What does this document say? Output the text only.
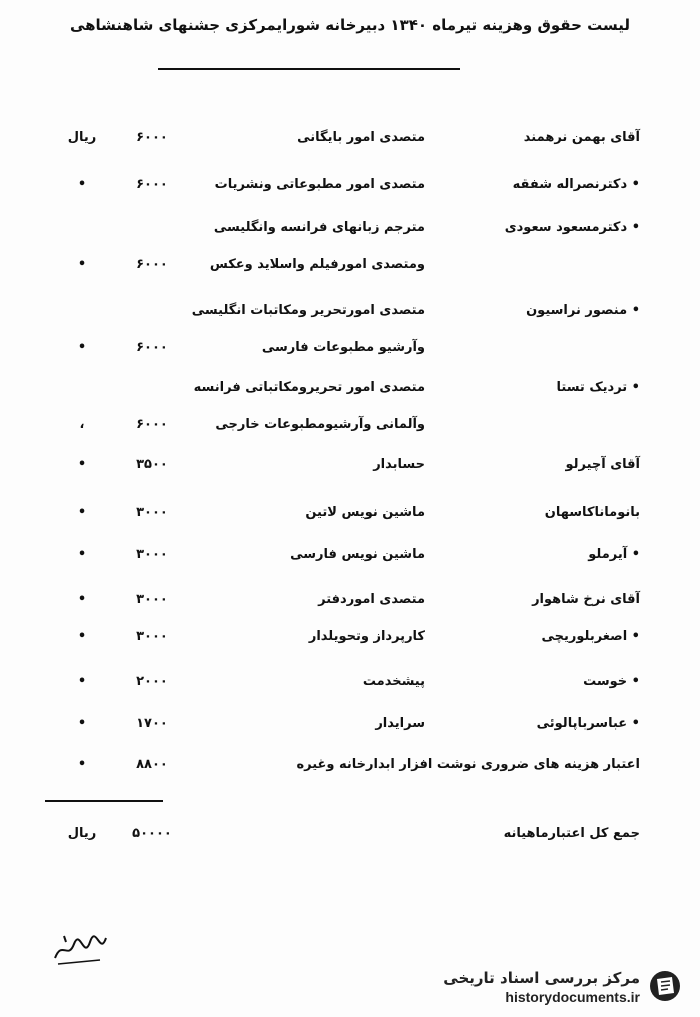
لیست حقوق وهزینه تیرماه ۱۳۴۰ دبیرخانه شورایمرکزی جشنهای شاهنشاهی
آقای بهمن نرهمند
متصدی امور بایگانی
۶۰۰۰
ریال
• دکترنصراله شفقه
متصدی امور مطبوعاتی ونشریات
۶۰۰۰
•
• دکترمسعود سعودی
مترجم زبانهای فرانسه وانگلیسی
ومتصدی امورفیلم واسلاید وعکس
۶۰۰۰
•
• منصور نراسیون
متصدی امورتحریر ومکاتبات انگلیسی
وآرشیو مطبوعات فارسی
۶۰۰۰
•
• تردیک تستا
متصدی امور تحریرومکاتباتی فرانسه
وآلمانی وآرشیومطبوعات خارجی
۶۰۰۰
،
آقای آچیرلو
حسابدار
۳۵۰۰
•
بانوماناکاسهان
ماشین نویس لاتین
۳۰۰۰
•
• آیرملو
ماشین نویس فارسی
۳۰۰۰
•
آقای نرخ شاهوار
متصدی اموردفتر
۳۰۰۰
•
• اصغربلوریچی
کارپرداز وتحویلدار
۳۰۰۰
•
• خوست
پیشخدمت
۲۰۰۰
•
• عباسرباپالوئی
سرایدار
۱۷۰۰
•
اعتبار هزینه های ضروری نوشت افزار ابدارخانه وغیره
۸۸۰۰
•
جمع کل اعتبارماهیانه
۵۰۰۰۰
ریال
مرکز بررسی اسناد تاریخی
historydocuments.ir
